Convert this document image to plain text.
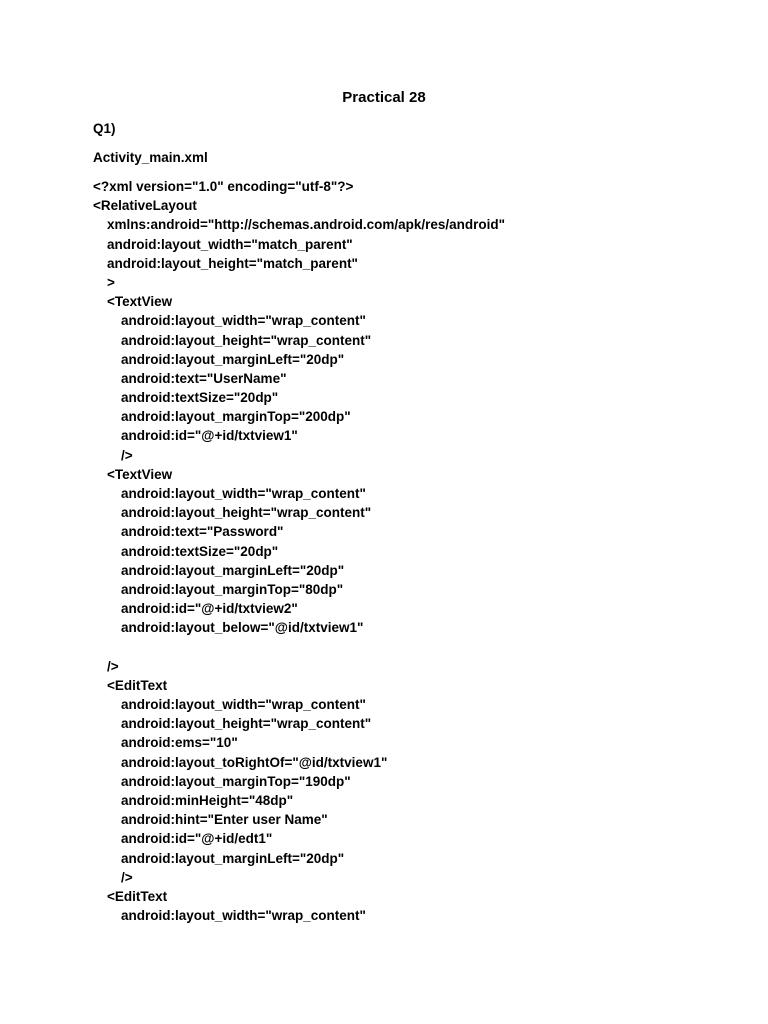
Practical 28
Q1)
Activity_main.xml
<?xml version="1.0" encoding="utf-8"?>
<RelativeLayout
xmlns:android="http://schemas.android.com/apk/res/android"
android:layout_width="match_parent"
android:layout_height="match_parent"
>
<TextView
android:layout_width="wrap_content"
android:layout_height="wrap_content"
android:layout_marginLeft="20dp"
android:text="UserName"
android:textSize="20dp"
android:layout_marginTop="200dp"
android:id="@+id/txtview1"
/>
<TextView
android:layout_width="wrap_content"
android:layout_height="wrap_content"
android:text="Password"
android:textSize="20dp"
android:layout_marginLeft="20dp"
android:layout_marginTop="80dp"
android:id="@+id/txtview2"
android:layout_below="@id/txtview1"
/>
<EditText
android:layout_width="wrap_content"
android:layout_height="wrap_content"
android:ems="10"
android:layout_toRightOf="@id/txtview1"
android:layout_marginTop="190dp"
android:minHeight="48dp"
android:hint="Enter user Name"
android:id="@+id/edt1"
android:layout_marginLeft="20dp"
/>
<EditText
android:layout_width="wrap_content"
